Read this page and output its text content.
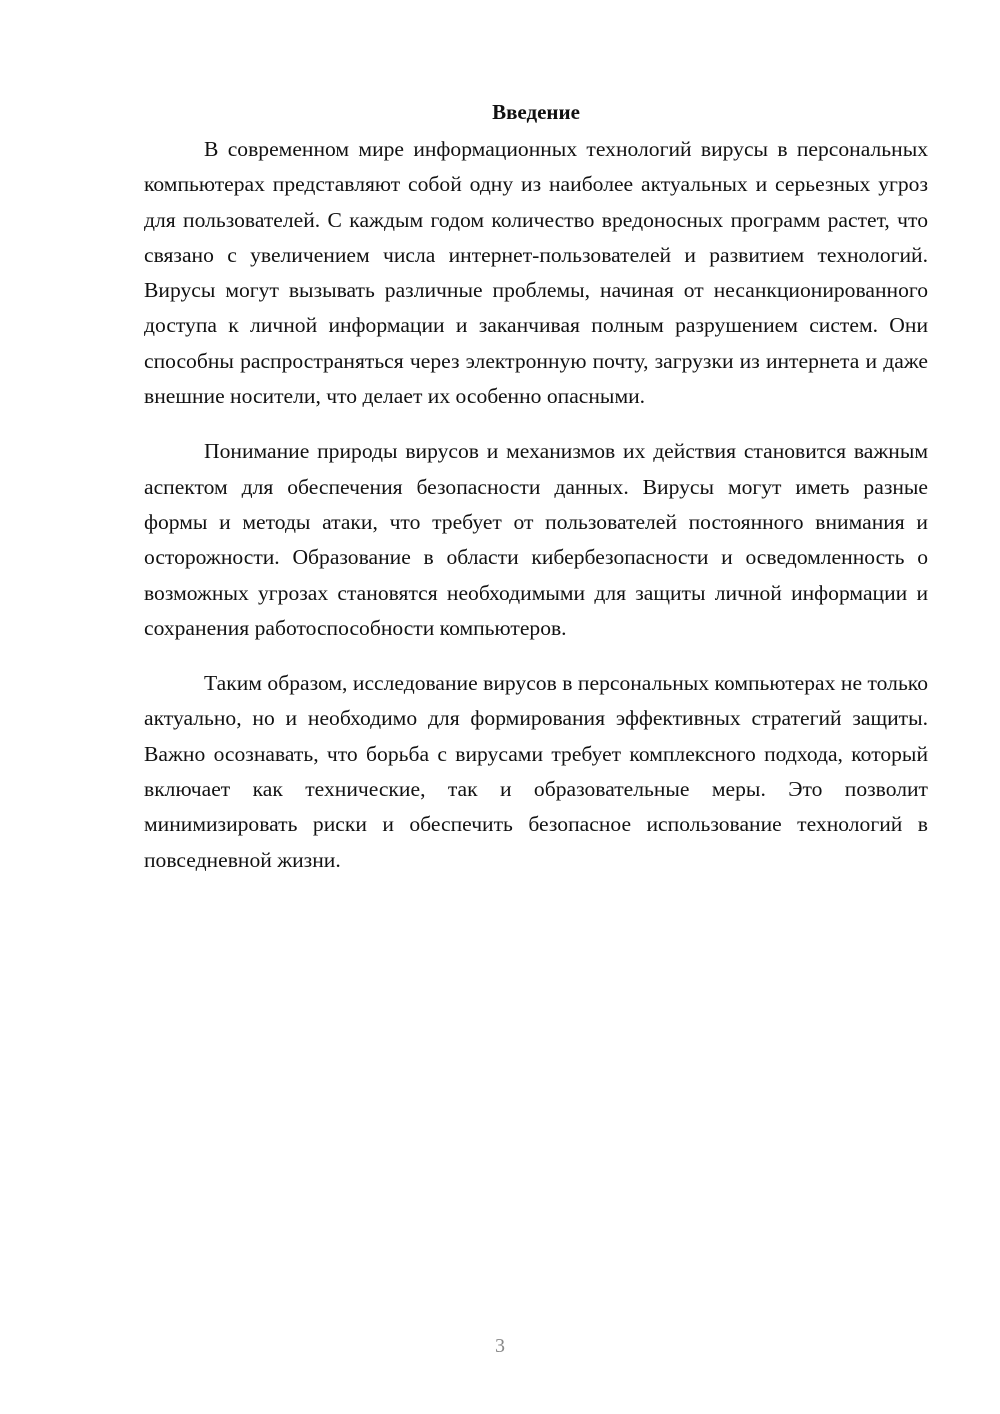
Введение

В современном мире информационных технологий вирусы в персональных компьютерах представляют собой одну из наиболее актуальных и серьезных угроз для пользователей. С каждым годом количество вредоносных программ растет, что связано с увеличением числа интернет-пользователей и развитием технологий. Вирусы могут вызывать различные проблемы, начиная от несанкционированного доступа к личной информации и заканчивая полным разрушением систем. Они способны распространяться через электронную почту, загрузки из интернета и даже внешние носители, что делает их особенно опасными.

Понимание природы вирусов и механизмов их действия становится важным аспектом для обеспечения безопасности данных. Вирусы могут иметь разные формы и методы атаки, что требует от пользователей постоянного внимания и осторожности. Образование в области кибербезопасности и осведомленность о возможных угрозах становятся необходимыми для защиты личной информации и сохранения работоспособности компьютеров.

Таким образом, исследование вирусов в персональных компьютерах не только актуально, но и необходимо для формирования эффективных стратегий защиты. Важно осознавать, что борьба с вирусами требует комплексного подхода, который включает как технические, так и образовательные меры. Это позволит минимизировать риски и обеспечить безопасное использование технологий в повседневной жизни.

3
